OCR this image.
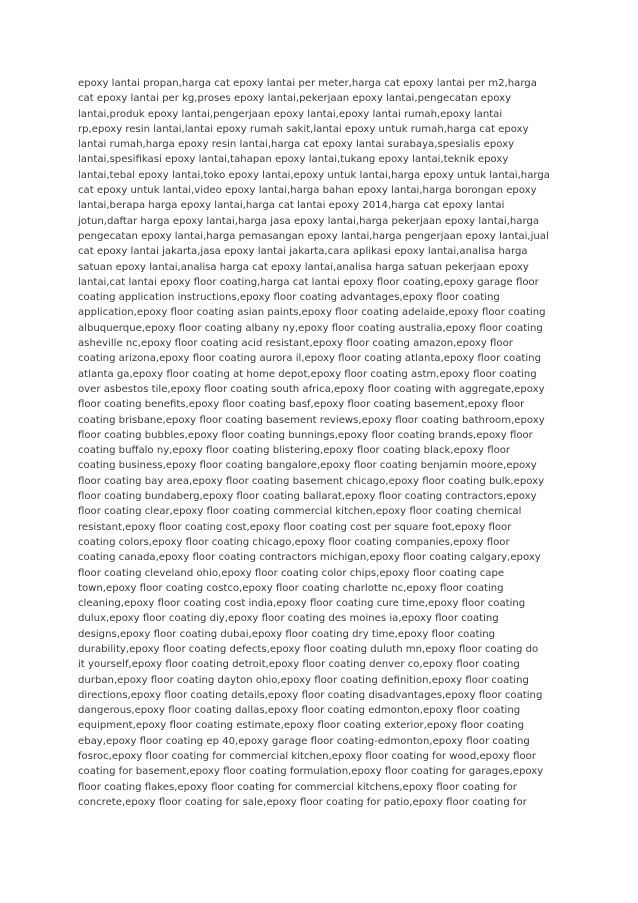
epoxy lantai propan,harga cat epoxy lantai per meter,harga cat epoxy lantai per m2,harga
cat epoxy lantai per kg,proses epoxy lantai,pekerjaan epoxy lantai,pengecatan epoxy
lantai,produk epoxy lantai,pengerjaan epoxy lantai,epoxy lantai rumah,epoxy lantai
rp,epoxy resin lantai,lantai epoxy rumah sakit,lantai epoxy untuk rumah,harga cat epoxy
lantai rumah,harga epoxy resin lantai,harga cat epoxy lantai surabaya,spesialis epoxy
lantai,spesifikasi epoxy lantai,tahapan epoxy lantai,tukang epoxy lantai,teknik epoxy
lantai,tebal epoxy lantai,toko epoxy lantai,epoxy untuk lantai,harga epoxy untuk lantai,harga
cat epoxy untuk lantai,video epoxy lantai,harga bahan epoxy lantai,harga borongan epoxy
lantai,berapa harga epoxy lantai,harga cat lantai epoxy 2014,harga cat epoxy lantai
jotun,daftar harga epoxy lantai,harga jasa epoxy lantai,harga pekerjaan epoxy lantai,harga
pengecatan epoxy lantai,harga pemasangan epoxy lantai,harga pengerjaan epoxy lantai,jual
cat epoxy lantai jakarta,jasa epoxy lantai jakarta,cara aplikasi epoxy lantai,analisa harga
satuan epoxy lantai,analisa harga cat epoxy lantai,analisa harga satuan pekerjaan epoxy
lantai,cat lantai epoxy floor coating,harga cat lantai epoxy floor coating,epoxy garage floor
coating application instructions,epoxy floor coating advantages,epoxy floor coating
application,epoxy floor coating asian paints,epoxy floor coating adelaide,epoxy floor coating
albuquerque,epoxy floor coating albany ny,epoxy floor coating australia,epoxy floor coating
asheville nc,epoxy floor coating acid resistant,epoxy floor coating amazon,epoxy floor
coating arizona,epoxy floor coating aurora il,epoxy floor coating atlanta,epoxy floor coating
atlanta ga,epoxy floor coating at home depot,epoxy floor coating astm,epoxy floor coating
over asbestos tile,epoxy floor coating south africa,epoxy floor coating with aggregate,epoxy
floor coating benefits,epoxy floor coating basf,epoxy floor coating basement,epoxy floor
coating brisbane,epoxy floor coating basement reviews,epoxy floor coating bathroom,epoxy
floor coating bubbles,epoxy floor coating bunnings,epoxy floor coating brands,epoxy floor
coating buffalo ny,epoxy floor coating blistering,epoxy floor coating black,epoxy floor
coating business,epoxy floor coating bangalore,epoxy floor coating benjamin moore,epoxy
floor coating bay area,epoxy floor coating basement chicago,epoxy floor coating bulk,epoxy
floor coating bundaberg,epoxy floor coating ballarat,epoxy floor coating contractors,epoxy
floor coating clear,epoxy floor coating commercial kitchen,epoxy floor coating chemical
resistant,epoxy floor coating cost,epoxy floor coating cost per square foot,epoxy floor
coating colors,epoxy floor coating chicago,epoxy floor coating companies,epoxy floor
coating canada,epoxy floor coating contractors michigan,epoxy floor coating calgary,epoxy
floor coating cleveland ohio,epoxy floor coating color chips,epoxy floor coating cape
town,epoxy floor coating costco,epoxy floor coating charlotte nc,epoxy floor coating
cleaning,epoxy floor coating cost india,epoxy floor coating cure time,epoxy floor coating
dulux,epoxy floor coating diy,epoxy floor coating des moines ia,epoxy floor coating
designs,epoxy floor coating dubai,epoxy floor coating dry time,epoxy floor coating
durability,epoxy floor coating defects,epoxy floor coating duluth mn,epoxy floor coating do
it yourself,epoxy floor coating detroit,epoxy floor coating denver co,epoxy floor coating
durban,epoxy floor coating dayton ohio,epoxy floor coating definition,epoxy floor coating
directions,epoxy floor coating details,epoxy floor coating disadvantages,epoxy floor coating
dangerous,epoxy floor coating dallas,epoxy floor coating edmonton,epoxy floor coating
equipment,epoxy floor coating estimate,epoxy floor coating exterior,epoxy floor coating
ebay,epoxy floor coating ep 40,epoxy garage floor coating-edmonton,epoxy floor coating
fosroc,epoxy floor coating for commercial kitchen,epoxy floor coating for wood,epoxy floor
coating for basement,epoxy floor coating formulation,epoxy floor coating for garages,epoxy
floor coating flakes,epoxy floor coating for commercial kitchens,epoxy floor coating for
concrete,epoxy floor coating for sale,epoxy floor coating for patio,epoxy floor coating for
